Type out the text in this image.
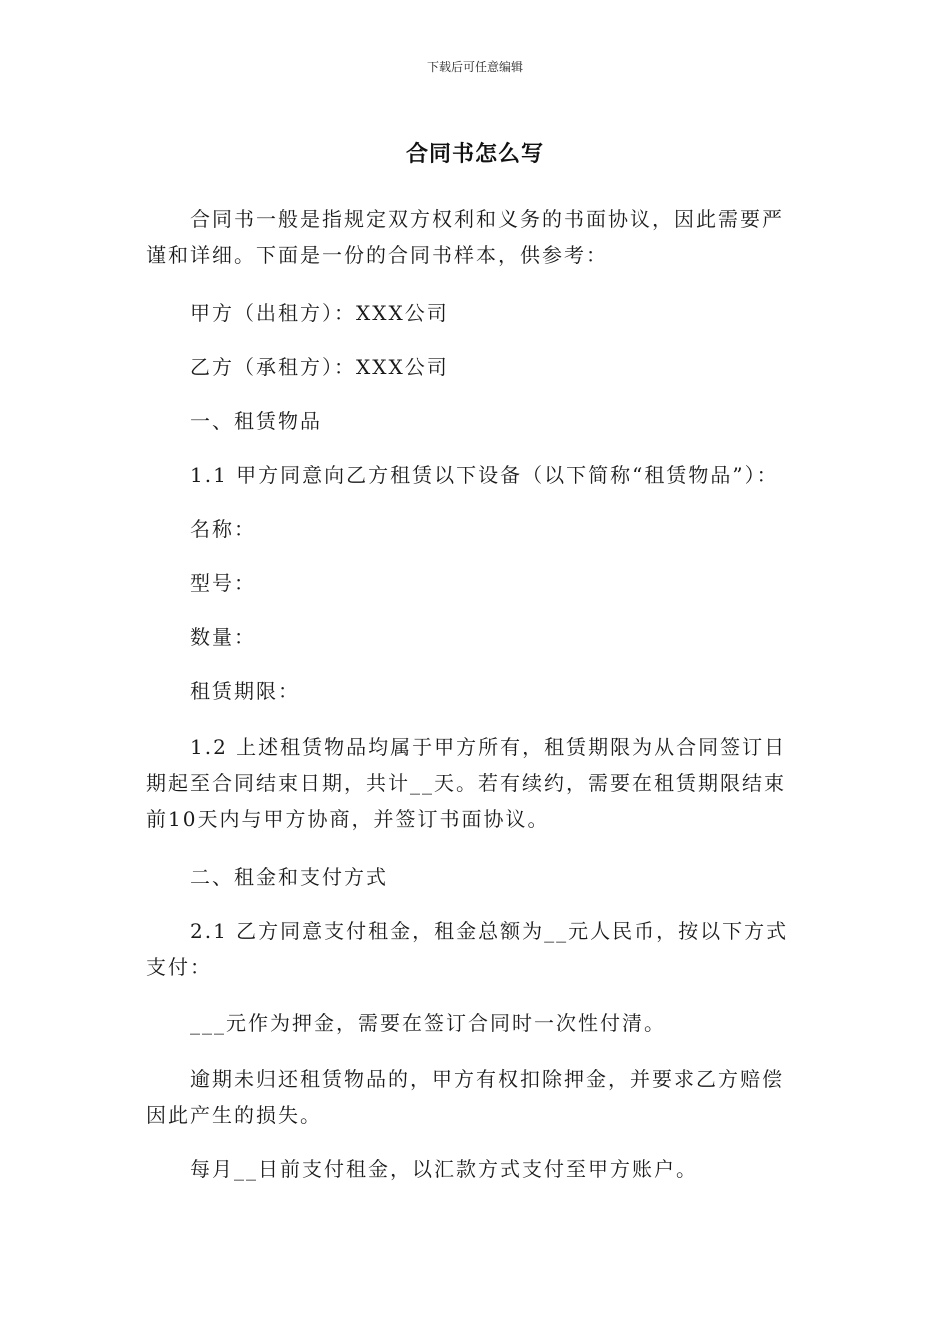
下载后可任意编辑
合同书怎么写

合同书一般是指规定双方权利和义务的书面协议，因此需要严谨和详细。下面是一份的合同书样本，供参考：

甲方（出租方）：XXX公司

乙方（承租方）：XXX公司

一、租赁物品

1.1 甲方同意向乙方租赁以下设备（以下简称“租赁物品”）：

名称：

型号：

数量：

租赁期限：

1.2 上述租赁物品均属于甲方所有，租赁期限为从合同签订日期起至合同结束日期，共计__天。若有续约，需要在租赁期限结束前10天内与甲方协商，并签订书面协议。

二、租金和支付方式

2.1 乙方同意支付租金，租金总额为__元人民币，按以下方式支付：

___元作为押金，需要在签订合同时一次性付清。

逾期未归还租赁物品的，甲方有权扣除押金，并要求乙方赔偿因此产生的损失。

每月__日前支付租金，以汇款方式支付至甲方账户。
